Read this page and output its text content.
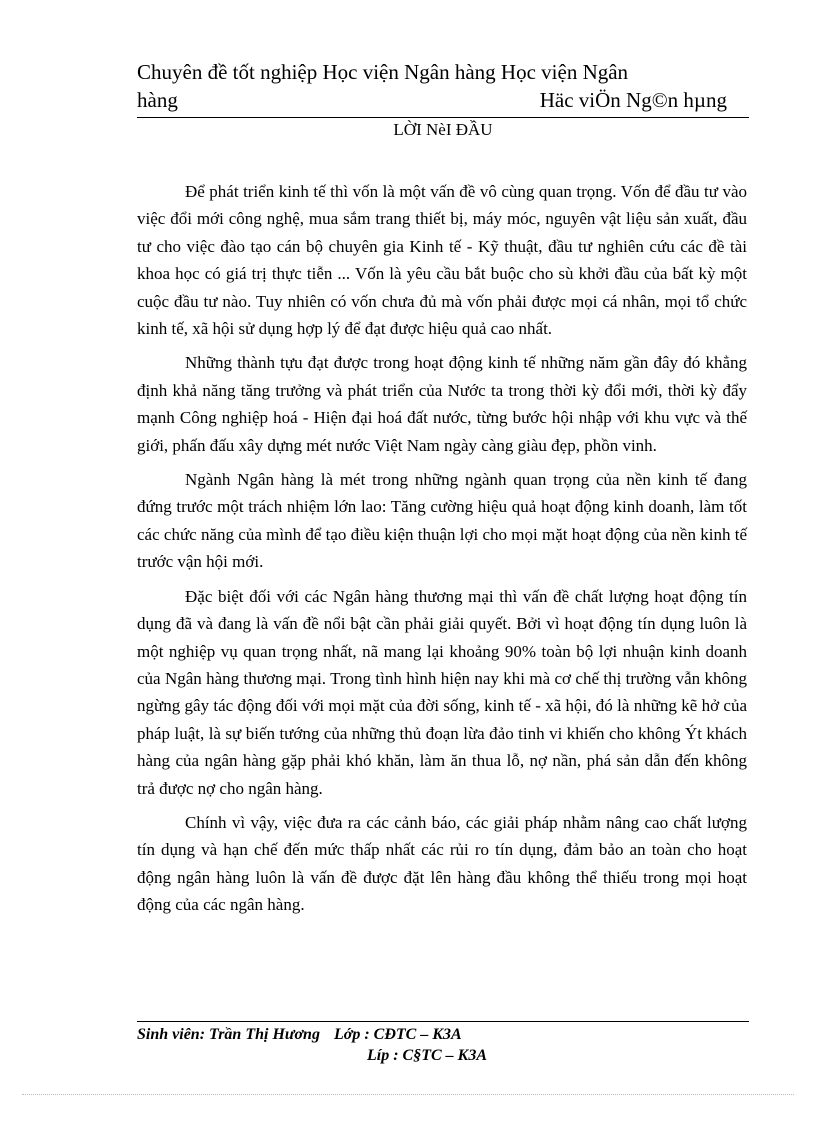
Chuyên đề tốt nghiệp Học viện Ngân hàng Học viện Ngân
hàng	Häc viÖn Ng©n hµng
LỜI NèI ĐẦU

Để phát triển kinh tế thì vốn là một vấn đề vô cùng quan trọng. Vốn để đầu tư vào việc đổi mới công nghệ, mua sắm trang thiết bị, máy móc, nguyên vật liệu sản xuất, đầu tư cho việc đào tạo cán bộ chuyên gia Kinh tế - Kỹ thuật, đầu tư nghiên cứu các đề tài khoa học có giá trị thực tiễn ... Vốn là yêu cầu bắt buộc cho sù khởi đầu của bất kỳ một cuộc đầu tư nào. Tuy nhiên có vốn chưa đủ mà vốn phải được mọi cá nhân, mọi tổ chức kinh tế, xã hội sử dụng hợp lý để đạt được hiệu quả cao nhất.

Những thành tựu đạt được trong hoạt động kinh tế những năm gần đây đó khẳng định khả năng tăng trưởng và phát triển của Nước ta trong thời kỳ đổi mới, thời kỳ đẩy mạnh Công nghiệp hoá - Hiện đại hoá đất nước, từng bước hội nhập với khu vực và thế giới, phấn đấu xây dựng mét nước Việt Nam ngày càng giàu đẹp, phồn vinh.

Ngành Ngân hàng là mét trong những ngành quan trọng của nền kinh tế đang đứng trước một trách nhiệm lớn lao: Tăng cường hiệu quả hoạt động kinh doanh, làm tốt các chức năng của mình để tạo điều kiện thuận lợi cho mọi mặt hoạt động của nền kinh tế trước vận hội mới.

Đặc biệt đối với các Ngân hàng thương mại thì vấn đề chất lượng hoạt động tín dụng đã và đang là vấn đề nổi bật cần phải giải quyết. Bởi vì hoạt động tín dụng luôn là một nghiệp vụ quan trọng nhất, nã mang lại khoảng 90% toàn bộ lợi nhuận kinh doanh của Ngân hàng thương mại. Trong tình hình hiện nay khi mà cơ chế thị trường vẫn không ngừng gây tác động đối với mọi mặt của đời sống, kinh tế - xã hội, đó là những kẽ hở của pháp luật, là sự biến tướng của những thủ đoạn lừa đảo tinh vi khiến cho không Ýt khách hàng của ngân hàng gặp phải khó khăn, làm ăn thua lỗ, nợ nần, phá sản dẫn đến không trả được nợ cho ngân hàng.

Chính vì vậy, việc đưa ra các cảnh báo, các giải pháp nhằm nâng cao chất lượng tín dụng và hạn chế đến mức thấp nhất các rủi ro tín dụng, đảm bảo an toàn cho hoạt động ngân hàng luôn là vấn đề được đặt lên hàng đầu không thể thiếu trong mọi hoạt động của các ngân hàng.

Sinh viên: Trần Thị Hương Lớp : CĐTC – K3A
Líp : C§TC – K3A
